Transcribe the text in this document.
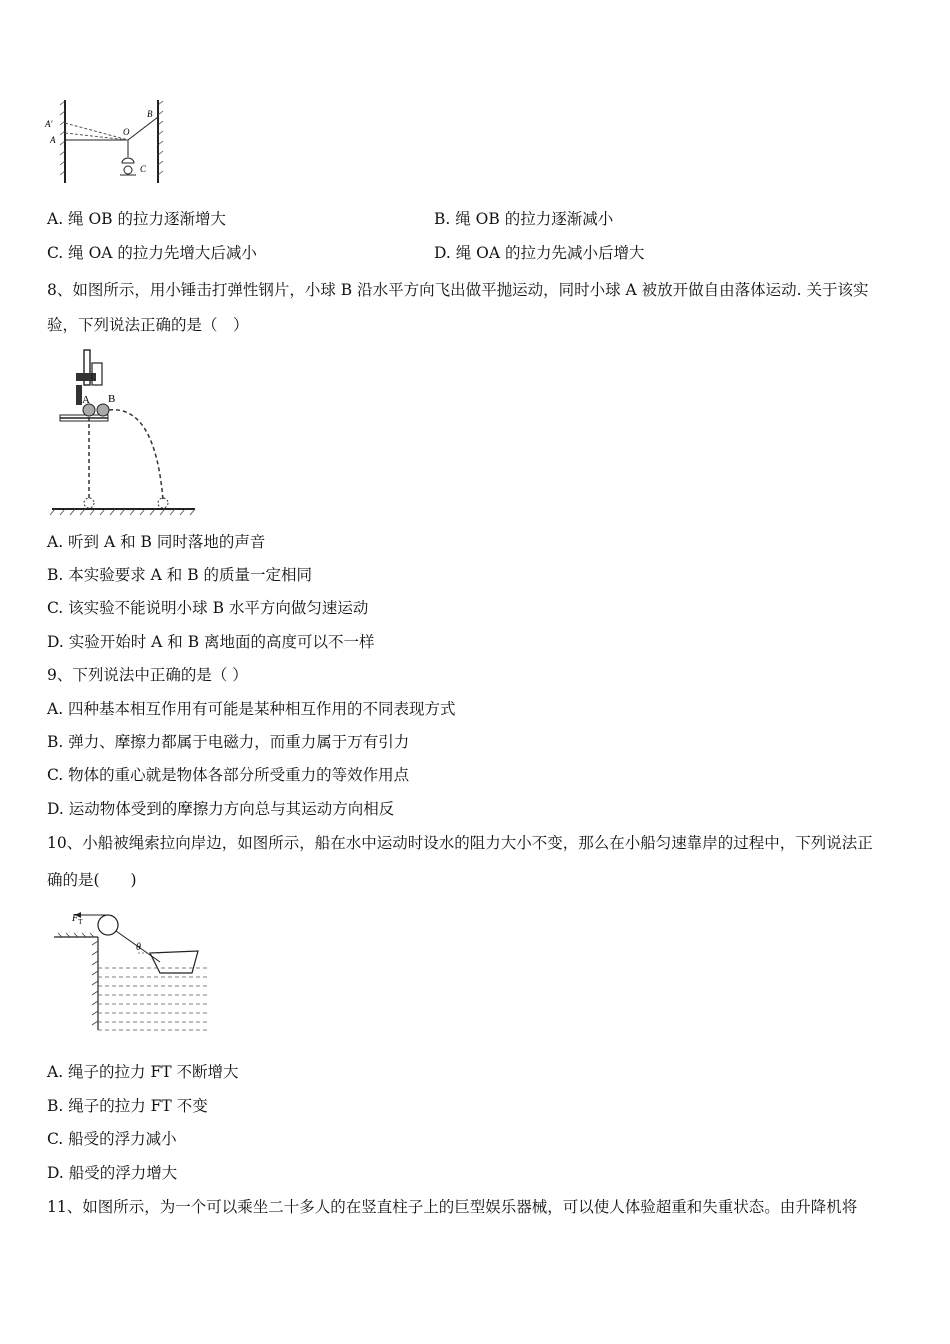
A′
A
O
B
C
A. 绳 OB 的拉力逐渐增大	B. 绳 OB 的拉力逐渐减小
C. 绳 OA 的拉力先增大后减小	D. 绳 OA 的拉力先减小后增大
8、如图所示，用小锤击打弹性钢片，小球 B 沿水平方向飞出做平抛运动，同时小球 A 被放开做自由落体运动. 关于该实
验，下列说法正确的是（　）
A B
A. 听到 A 和 B 同时落地的声音
B. 本实验要求 A 和 B 的质量一定相同
C. 该实验不能说明小球 B 水平方向做匀速运动
D. 实验开始时 A 和 B 离地面的高度可以不一样
9、下列说法中正确的是（ ）
A. 四种基本相互作用有可能是某种相互作用的不同表现方式
B. 弹力、摩擦力都属于电磁力，而重力属于万有引力
C. 物体的重心就是物体各部分所受重力的等效作用点
D. 运动物体受到的摩擦力方向总与其运动方向相反
10、小船被绳索拉向岸边，如图所示，船在水中运动时设水的阻力大小不变，那么在小船匀速靠岸的过程中，下列说法正
确的是(　　)
$F_T$
θ
A. 绳子的拉力 FT 不断增大
B. 绳子的拉力 FT 不变
C. 船受的浮力减小
D. 船受的浮力增大
11、如图所示，为一个可以乘坐二十多人的在竖直柱子上的巨型娱乐器械，可以使人体验超重和失重状态。由升降机将
